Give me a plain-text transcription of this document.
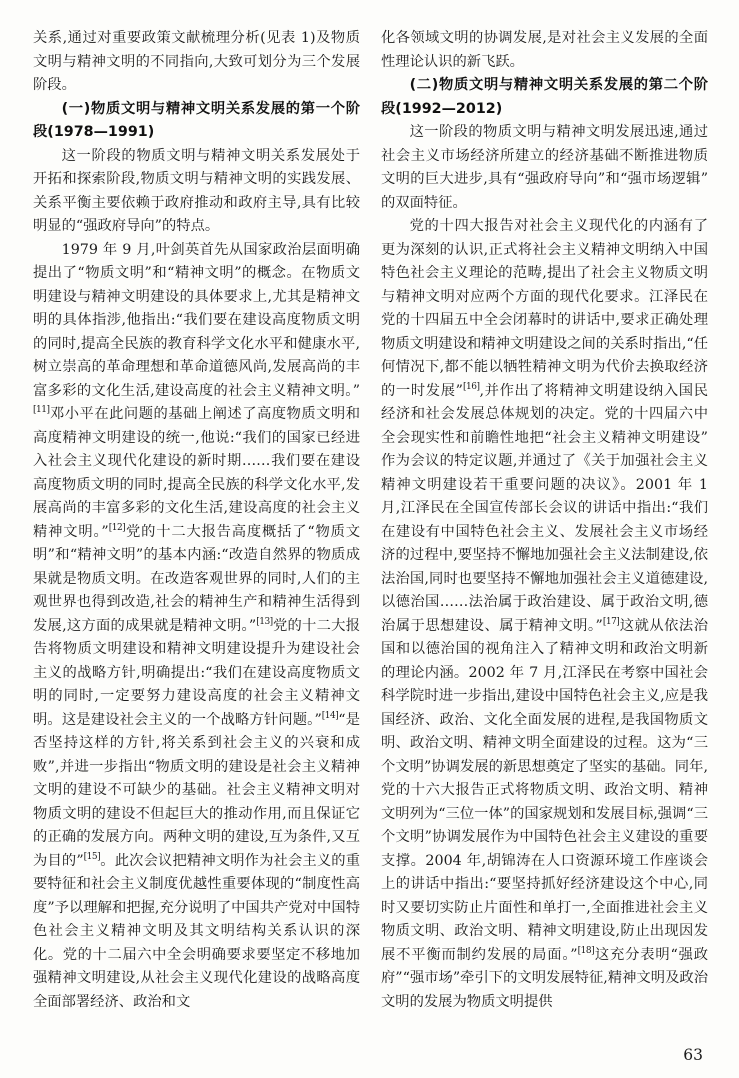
关系,通过对重要政策文献梳理分析(见表 1)及物质文明与精神文明的不同指向,大致可划分为三个发展阶段。

(一)物质文明与精神文明关系发展的第一个阶段(1978—1991)

这一阶段的物质文明与精神文明关系发展处于开拓和探索阶段,物质文明与精神文明的实践发展、关系平衡主要依赖于政府推动和政府主导,具有比较明显的“强政府导向”的特点。

1979 年 9 月,叶剑英首先从国家政治层面明确提出了“物质文明”和“精神文明”的概念。在物质文明建设与精神文明建设的具体要求上,尤其是精神文明的具体指涉,他指出:“我们要在建设高度物质文明的同时,提高全民族的教育科学文化水平和健康水平,树立崇高的革命理想和革命道德风尚,发展高尚的丰富多彩的文化生活,建设高度的社会主义精神文明。”[11]邓小平在此问题的基础上阐述了高度物质文明和高度精神文明建设的统一,他说:“我们的国家已经进入社会主义现代化建设的新时期……我们要在建设高度物质文明的同时,提高全民族的科学文化水平,发展高尚的丰富多彩的文化生活,建设高度的社会主义精神文明。”[12]党的十二大报告高度概括了“物质文明”和“精神文明”的基本内涵:“改造自然界的物质成果就是物质文明。在改造客观世界的同时,人们的主观世界也得到改造,社会的精神生产和精神生活得到发展,这方面的成果就是精神文明。”[13]党的十二大报告将物质文明建设和精神文明建设提升为建设社会主义的战略方针,明确提出:“我们在建设高度物质文明的同时,一定要努力建设高度的社会主义精神文明。这是建设社会主义的一个战略方针问题。”[14]“是否坚持这样的方针,将关系到社会主义的兴衰和成败”,并进一步指出“物质文明的建设是社会主义精神文明的建设不可缺少的基础。社会主义精神文明对物质文明的建设不但起巨大的推动作用,而且保证它的正确的发展方向。两种文明的建设,互为条件,又互为目的”[15]。此次会议把精神文明作为社会主义的重要特征和社会主义制度优越性重要体现的“制度性高度”予以理解和把握,充分说明了中国共产党对中国特色社会主义精神文明及其文明结构关系认识的深化。党的十二届六中全会明确要求要坚定不移地加强精神文明建设,从社会主义现代化建设的战略高度全面部署经济、政治和文

化各领域文明的协调发展,是对社会主义发展的全面性理论认识的新飞跃。

(二)物质文明与精神文明关系发展的第二个阶段(1992—2012)

这一阶段的物质文明与精神文明发展迅速,通过社会主义市场经济所建立的经济基础不断推进物质文明的巨大进步,具有“强政府导向”和“强市场逻辑”的双面特征。

党的十四大报告对社会主义现代化的内涵有了更为深刻的认识,正式将社会主义精神文明纳入中国特色社会主义理论的范畴,提出了社会主义物质文明与精神文明对应两个方面的现代化要求。江泽民在党的十四届五中全会闭幕时的讲话中,要求正确处理物质文明建设和精神文明建设之间的关系时指出,“任何情况下,都不能以牺牲精神文明为代价去换取经济的一时发展”[16],并作出了将精神文明建设纳入国民经济和社会发展总体规划的决定。党的十四届六中全会现实性和前瞻性地把“社会主义精神文明建设”作为会议的特定议题,并通过了《关于加强社会主义精神文明建设若干重要问题的决议》。2001 年 1 月,江泽民在全国宣传部长会议的讲话中指出:“我们在建设有中国特色社会主义、发展社会主义市场经济的过程中,要坚持不懈地加强社会主义法制建设,依法治国,同时也要坚持不懈地加强社会主义道德建设,以德治国……法治属于政治建设、属于政治文明,德治属于思想建设、属于精神文明。”[17]这就从依法治国和以德治国的视角注入了精神文明和政治文明新的理论内涵。2002 年 7 月,江泽民在考察中国社会科学院时进一步指出,建设中国特色社会主义,应是我国经济、政治、文化全面发展的进程,是我国物质文明、政治文明、精神文明全面建设的过程。这为“三个文明”协调发展的新思想奠定了坚实的基础。同年,党的十六大报告正式将物质文明、政治文明、精神文明列为“三位一体”的国家规划和发展目标,强调“三个文明”协调发展作为中国特色社会主义建设的重要支撑。2004 年,胡锦涛在人口资源环境工作座谈会上的讲话中指出:“要坚持抓好经济建设这个中心,同时又要切实防止片面性和单打一,全面推进社会主义物质文明、政治文明、精神文明建设,防止出现因发展不平衡而制约发展的局面。”[18]这充分表明“强政府”“强市场”牵引下的文明发展特征,精神文明及政治文明的发展为物质文明提供

63
